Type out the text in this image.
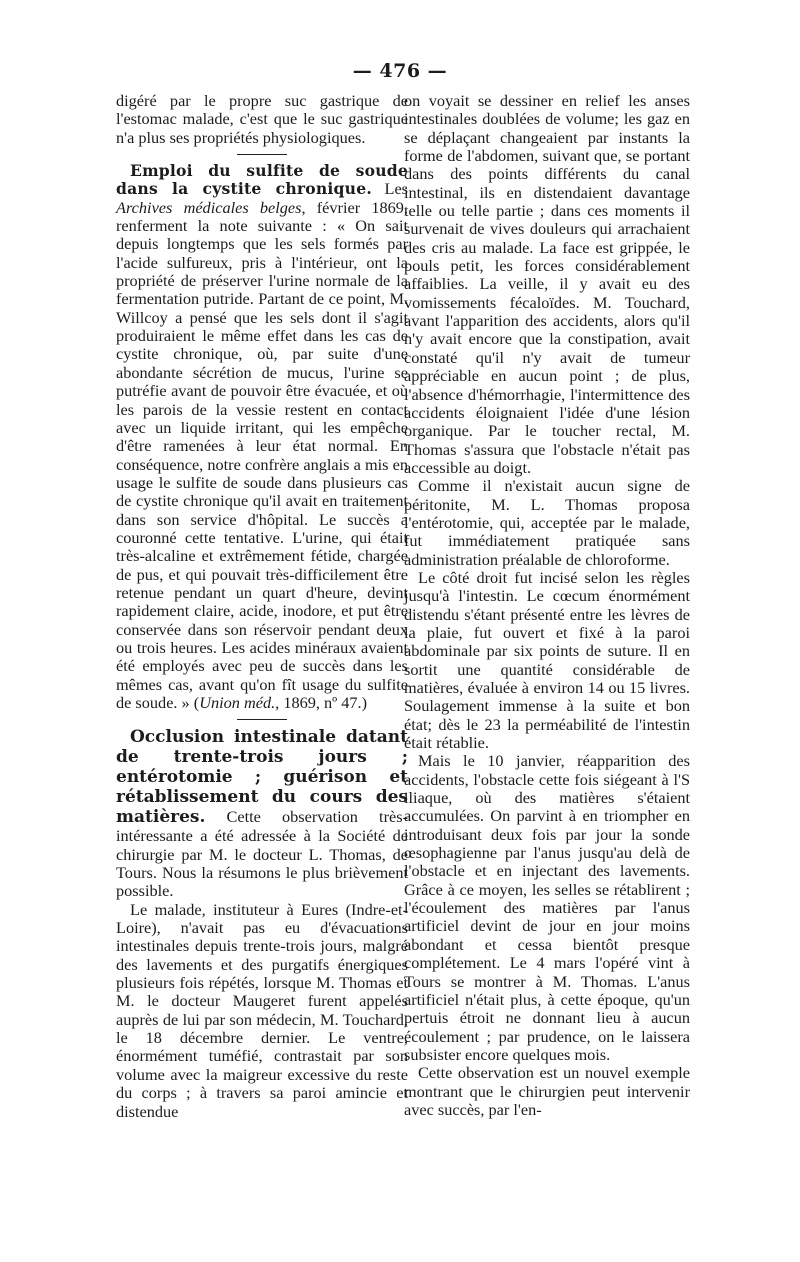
— 476 —

digéré par le propre suc gastrique de l'estomac malade, c'est que le suc gastrique n'a plus ses propriétés physiologiques.

Emploi du sulfite de soude dans la cystite chronique. Les Archives médicales belges, février 1869, renferment la note suivante : « On sait depuis longtemps que les sels formés par l'acide sulfureux, pris à l'intérieur, ont la propriété de préserver l'urine normale de la fermentation putride. Partant de ce point, M. Willcoy a pensé que les sels dont il s'agit produiraient le même effet dans les cas de cystite chronique, où, par suite d'une abondante sécrétion de mucus, l'urine se putréfie avant de pouvoir être évacuée, et où les parois de la vessie restent en contact avec un liquide irritant, qui les empêche d'être ramenées à leur état normal. En conséquence, notre confrère anglais a mis en usage le sulfite de soude dans plusieurs cas de cystite chronique qu'il avait en traitement dans son service d'hôpital. Le succès a couronné cette tentative. L'urine, qui était très-alcaline et extrêmement fétide, chargée de pus, et qui pouvait très-difficilement être retenue pendant un quart d'heure, devint rapidement claire, acide, inodore, et put être conservée dans son réservoir pendant deux ou trois heures. Les acides minéraux avaient été employés avec peu de succès dans les mêmes cas, avant qu'on fît usage du sulfite de soude. » (Union méd., 1869, nº 47.)

Occlusion intestinale datant de trente-trois jours ; entérotomie ; guérison et rétablissement du cours des matières. Cette observation très-intéressante a été adressée à la Société de chirurgie par M. le docteur L. Thomas, de Tours. Nous la résumons le plus brièvement possible.

Le malade, instituteur à Eures (Indre-et-Loire), n'avait pas eu d'évacuations intestinales depuis trente-trois jours, malgré des lavements et des purgatifs énergiques plusieurs fois répétés, lorsque M. Thomas et M. le docteur Maugeret furent appelés auprès de lui par son médecin, M. Touchard, le 18 décembre dernier. Le ventre, énormément tuméfié, contrastait par son volume avec la maigreur excessive du reste du corps ; à travers sa paroi amincie et distendue

on voyait se dessiner en relief les anses intestinales doublées de volume; les gaz en se déplaçant changeaient par instants la forme de l'abdomen, suivant que, se portant dans des points différents du canal intestinal, ils en distendaient davantage telle ou telle partie ; dans ces moments il survenait de vives douleurs qui arrachaient des cris au malade. La face est grippée, le pouls petit, les forces considérablement affaiblies. La veille, il y avait eu des vomissements fécaloïdes. M. Touchard, avant l'apparition des accidents, alors qu'il n'y avait encore que la constipation, avait constaté qu'il n'y avait de tumeur appréciable en aucun point ; de plus, l'absence d'hémorrhagie, l'intermittence des accidents éloignaient l'idée d'une lésion organique. Par le toucher rectal, M. Thomas s'assura que l'obstacle n'était pas accessible au doigt.

Comme il n'existait aucun signe de péritonite, M. L. Thomas proposa l'entérotomie, qui, acceptée par le malade, fut immédiatement pratiquée sans administration préalable de chloroforme.

Le côté droit fut incisé selon les règles jusqu'à l'intestin. Le cœcum énormément distendu s'étant présenté entre les lèvres de la plaie, fut ouvert et fixé à la paroi abdominale par six points de suture. Il en sortit une quantité considérable de matières, évaluée à environ 14 ou 15 livres. Soulagement immense à la suite et bon état; dès le 23 la perméabilité de l'intestin était rétablie.

Mais le 10 janvier, réapparition des accidents, l'obstacle cette fois siégeant à l'S iliaque, où des matières s'étaient accumulées. On parvint à en triompher en introduisant deux fois par jour la sonde œsophagienne par l'anus jusqu'au delà de l'obstacle et en injectant des lavements. Grâce à ce moyen, les selles se rétablirent ; l'écoulement des matières par l'anus artificiel devint de jour en jour moins abondant et cessa bientôt presque complétement. Le 4 mars l'opéré vint à Tours se montrer à M. Thomas. L'anus artificiel n'était plus, à cette époque, qu'un pertuis étroit ne donnant lieu à aucun écoulement ; par prudence, on le laissera subsister encore quelques mois.

Cette observation est un nouvel exemple montrant que le chirurgien peut intervenir avec succès, par l'en-
